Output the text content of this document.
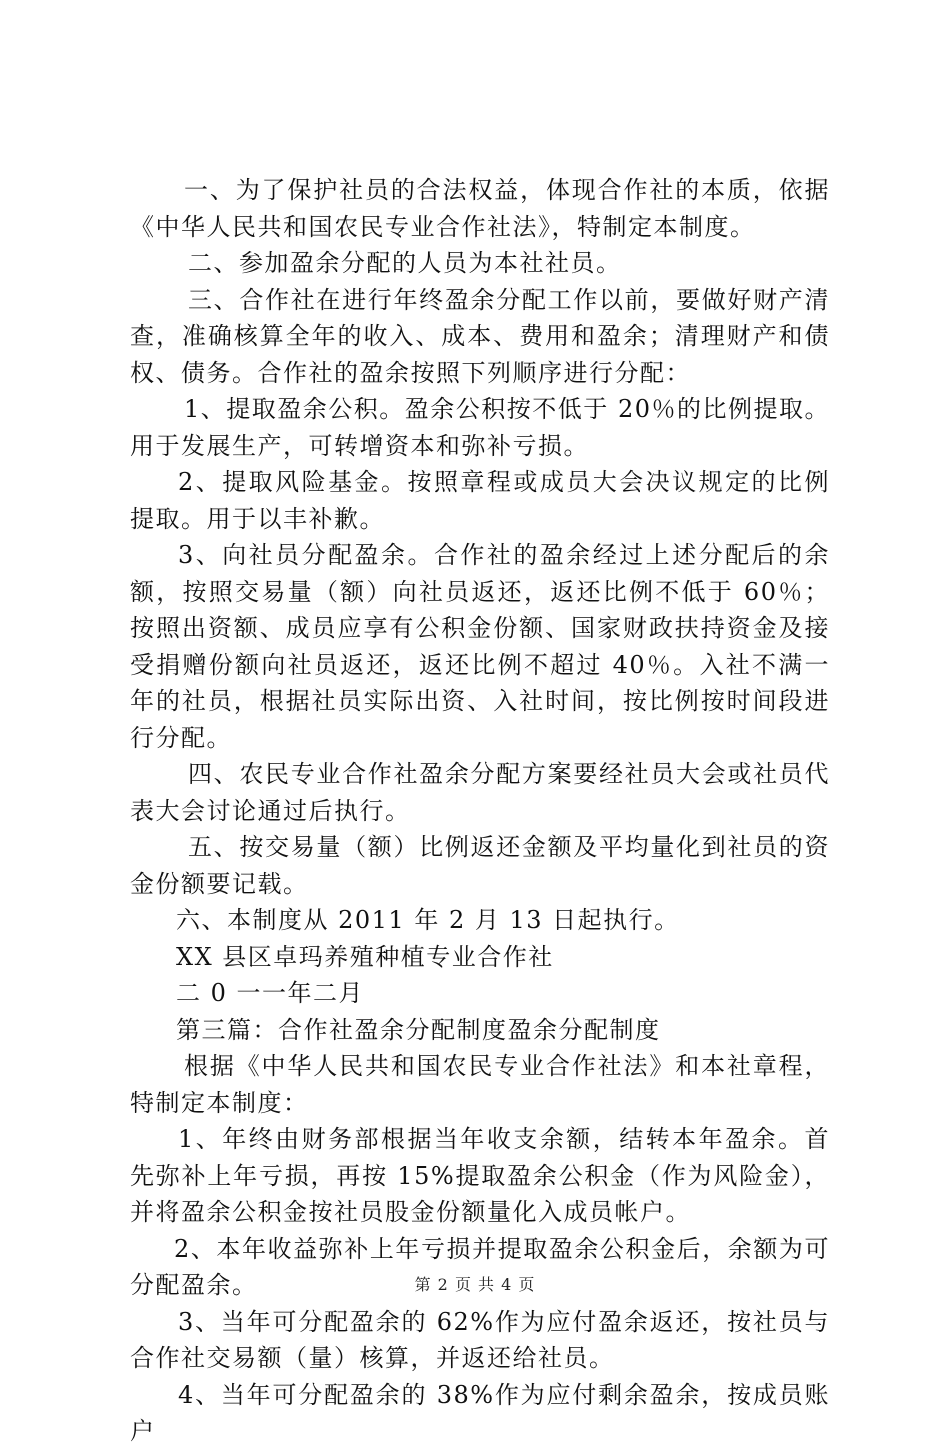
一、为了保护社员的合法权益，体现合作社的本质，依据《中华人民共和国农民专业合作社法》，特制定本制度。

二、参加盈余分配的人员为本社社员。

三、合作社在进行年终盈余分配工作以前，要做好财产清查，准确核算全年的收入、成本、费用和盈余；清理财产和债权、债务。合作社的盈余按照下列顺序进行分配：

1、提取盈余公积。盈余公积按不低于 20％的比例提取。用于发展生产，可转增资本和弥补亏损。

2、提取风险基金。按照章程或成员大会决议规定的比例提取。用于以丰补歉。

3、向社员分配盈余。合作社的盈余经过上述分配后的余额，按照交易量（额）向社员返还，返还比例不低于 60％；按照出资额、成员应享有公积金份额、国家财政扶持资金及接受捐赠份额向社员返还，返还比例不超过 40％。入社不满一年的社员，根据社员实际出资、入社时间，按比例按时间段进行分配。

四、农民专业合作社盈余分配方案要经社员大会或社员代表大会讨论通过后执行。

五、按交易量（额）比例返还金额及平均量化到社员的资金份额要记载。

六、本制度从 2011 年 2 月 13 日起执行。

XX 县区卓玛养殖种植专业合作社

二 0 一一年二月

第三篇：合作社盈余分配制度盈余分配制度

根据《中华人民共和国农民专业合作社法》和本社章程，特制定本制度：

1、年终由财务部根据当年收支余额，结转本年盈余。首先弥补上年亏损，再按 15%提取盈余公积金（作为风险金），并将盈余公积金按社员股金份额量化入成员帐户。

2、本年收益弥补上年亏损并提取盈余公积金后，余额为可分配盈余。

3、当年可分配盈余的 62%作为应付盈余返还，按社员与合作社交易额（量）核算，并返还给社员。

4、当年可分配盈余的 38%作为应付剩余盈余，按成员账户

第 2 页 共 4 页
